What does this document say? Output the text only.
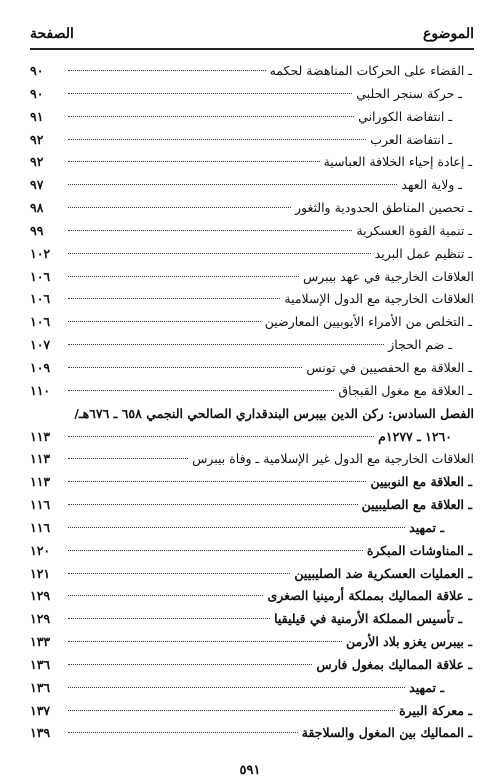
الموضوع
الصفحة
ـ القضاء على الحركات المناهضة لحكمه
٩٠
ـ حركة سنجر الحلبي
٩٠
ـ انتفاضة الكوراني
٩١
ـ انتفاضة العرب
٩٢
ـ إعادة إحياء الخلافة العباسية
٩٢
ـ ولاية العهد
٩٧
ـ تحصين المناطق الحدودية والثغور
٩٨
ـ تنمية القوة العسكرية
٩٩
ـ تنظيم عمل البريد
١٠٢
العلاقات الخارجية في عهد بيبرس
١٠٦
العلاقات الخارجية مع الدول الإسلامية
١٠٦
ـ التخلص من الأمراء الأيوبيين المعارضين
١٠٦
ـ ضم الحجاز
١٠٧
ـ العلاقة مع الحفصيين في تونس
١٠٩
ـ العلاقة مع مغول القبجاق
١١٠
الفصل السادس: ركن الدين بيبرس البندقداري الصالحي النجمي ٦٥٨ ـ ٦٧٦هـ/
١٢٦٠ ـ ١٢٧٧م
١١٣
العلاقات الخارجية مع الدول غير الإسلامية ـ وفاة بيبرس
١١٣
ـ العلاقة مع النوبيين
١١٣
ـ العلاقة مع الصليبيين
١١٦
ـ تمهيد
١١٦
ـ المناوشات المبكرة
١٢٠
ـ العمليات العسكرية ضد الصليبيين
١٢١
ـ علاقة المماليك بمملكة أرمينيا الصغرى
١٢٩
ـ تأسيس المملكة الأرمنية في قيليقيا
١٢٩
ـ بيبرس يغزو بلاد الأرمن
١٣٣
ـ علاقة المماليك بمغول فارس
١٣٦
ـ تمهيد
١٣٦
ـ معركة البيرة
١٣٧
ـ المماليك بين المغول والسلاجقة
١٣٩
٥٩١
